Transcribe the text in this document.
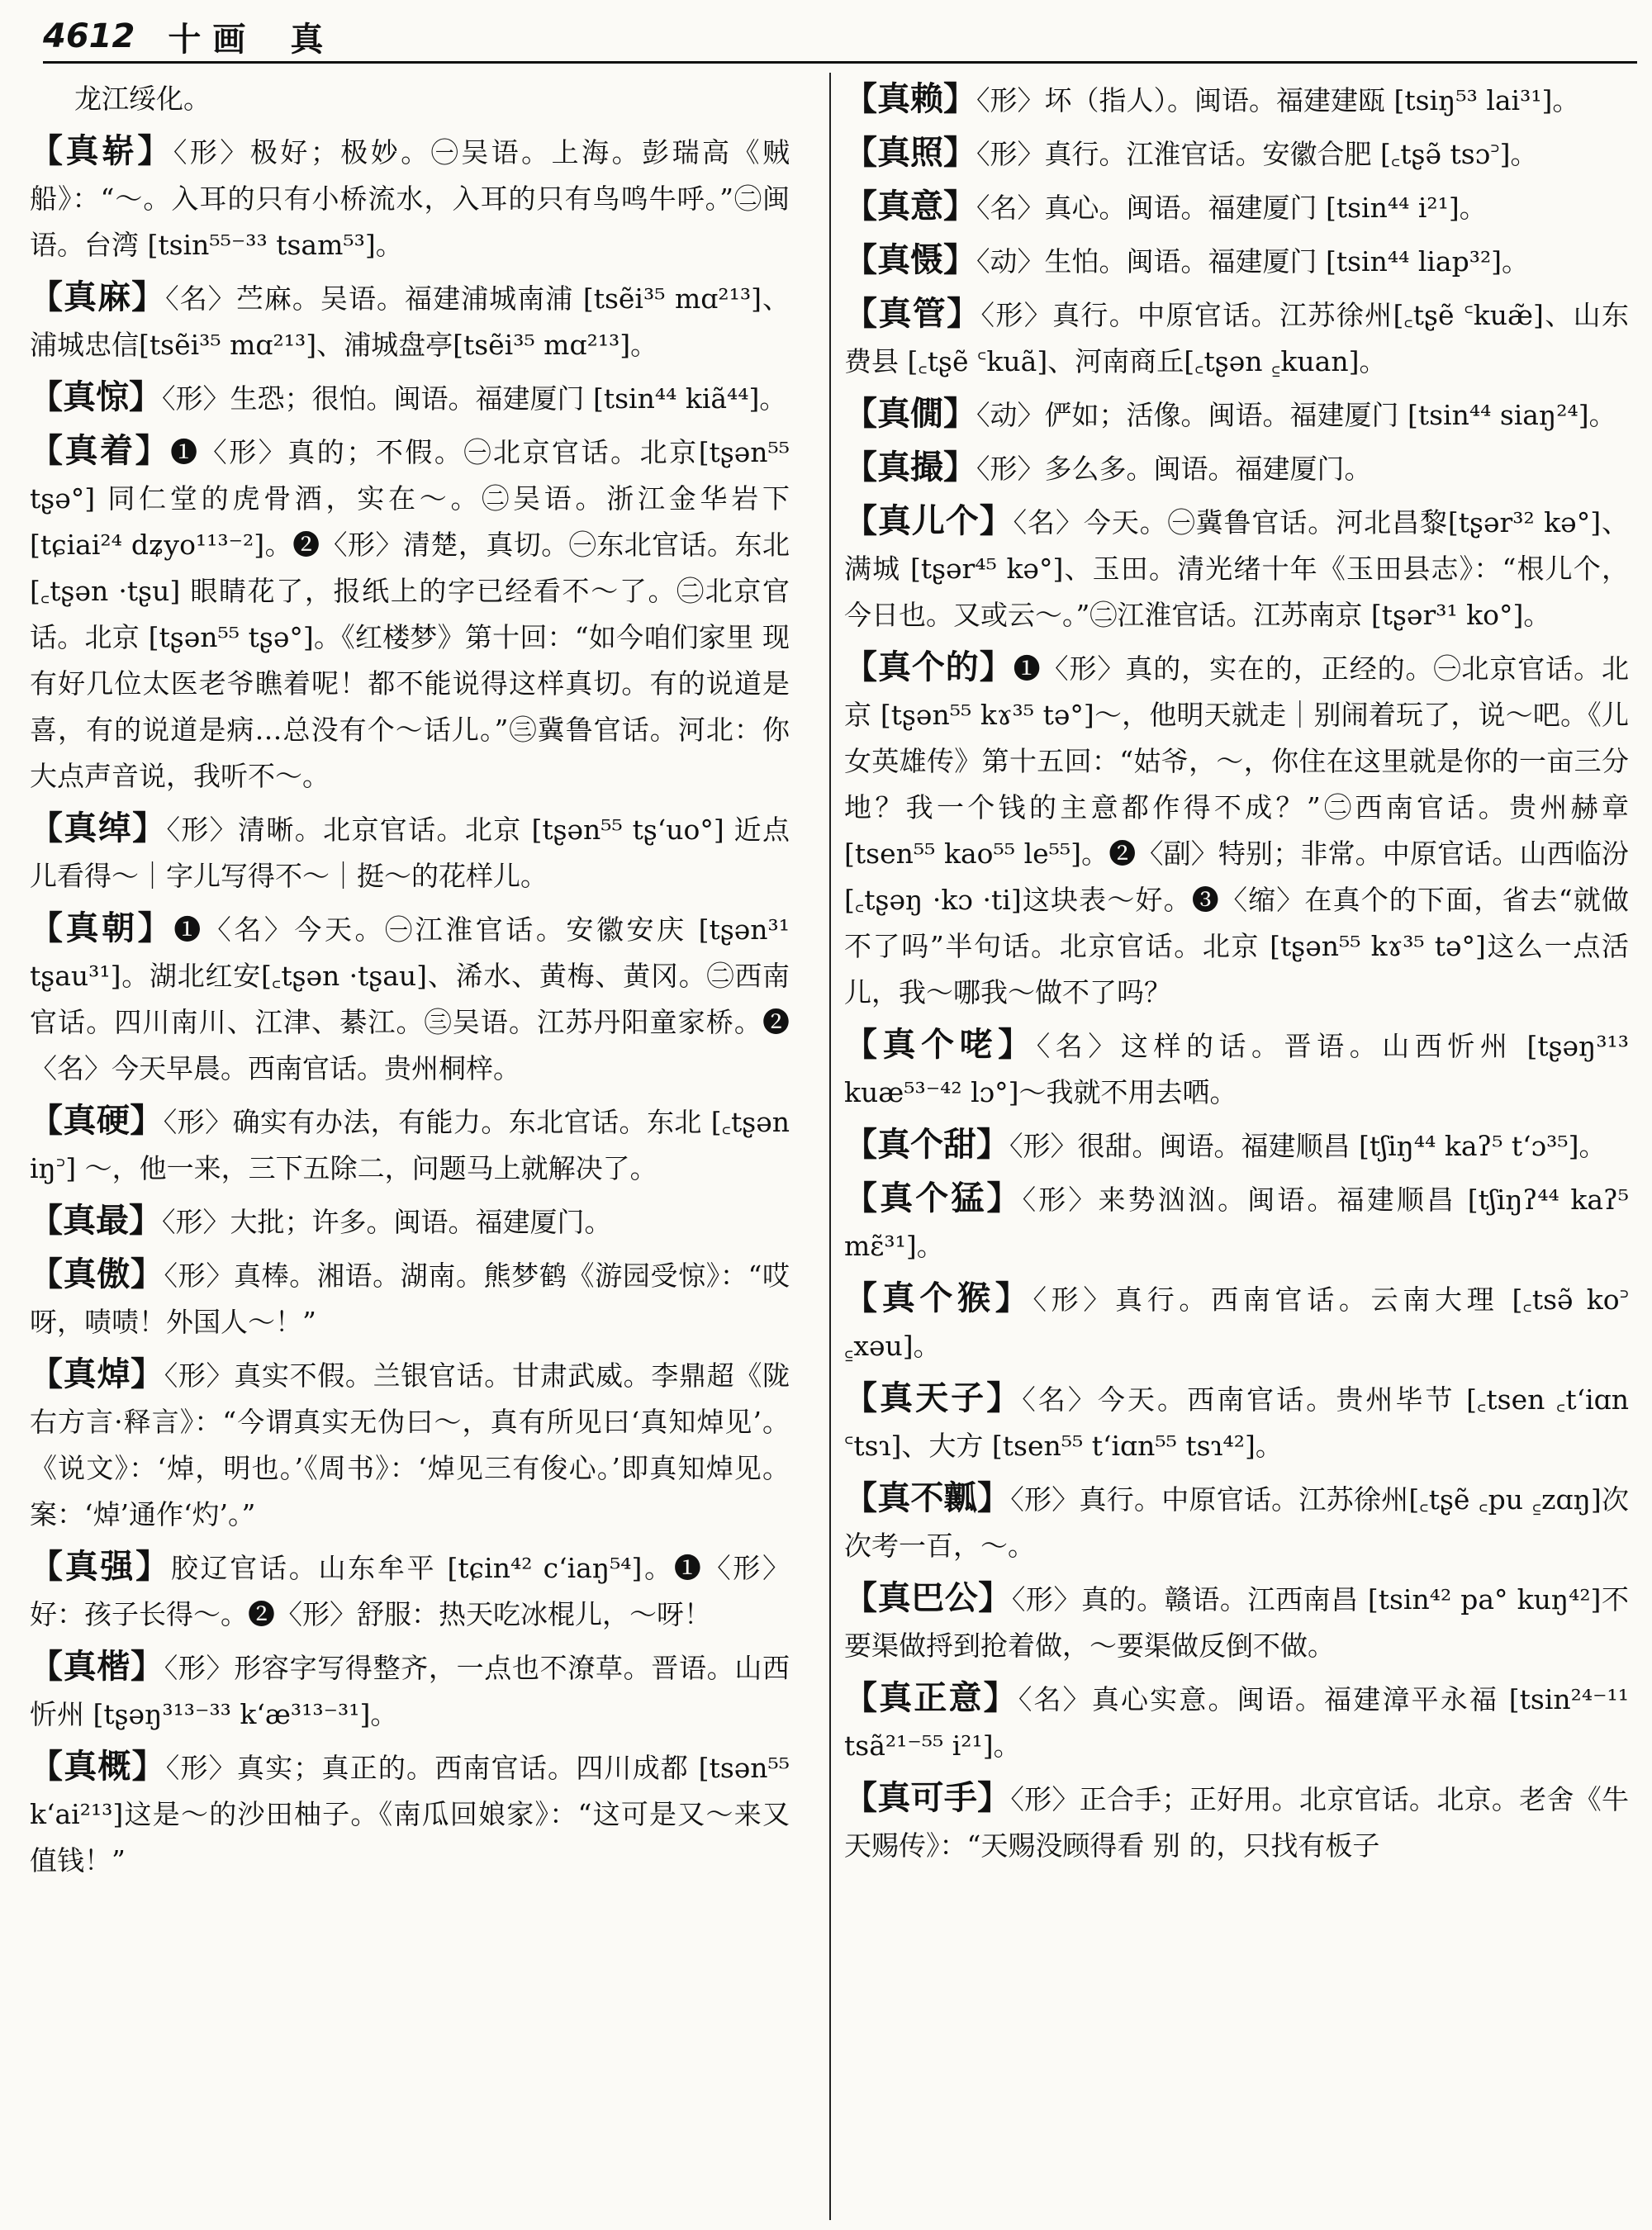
4612 十画 真

龙江绥化。

【真崭】〈形〉极好；极妙。㊀吴语。上海。彭瑞高《贼船》：“～。入耳的只有小桥流水，入耳的只有鸟鸣牛呼。”㊁闽语。台湾 [tsin⁵⁵⁻³³ tsam⁵³]。

【真麻】〈名〉苎麻。吴语。福建浦城南浦 [tsẽi³⁵ mɑ²¹³]、浦城忠信[tsẽi³⁵ mɑ²¹³]、浦城盘亭[tsẽi³⁵ mɑ²¹³]。

【真惊】〈形〉生恐；很怕。闽语。福建厦门 [tsin⁴⁴ kiã⁴⁴]。

【真着】❶〈形〉真的；不假。㊀北京官话。北京[tʂən⁵⁵ tʂə°] 同仁堂的虎骨酒，实在～。㊁吴语。浙江金华岩下 [tɕiai²⁴ dʑyo¹¹³⁻²]。❷〈形〉清楚，真切。㊀东北官话。东北[꜀tʂən ·tʂu] 眼睛花了，报纸上的字已经看不～了。㊁北京官话。北京 [tʂən⁵⁵ tʂə°]。《红楼梦》第十回：“如今咱们家里 现有好几位太医老爷瞧着呢！都不能说得这样真切。有的说道是喜，有的说道是病…总没有个～话儿。”㊂冀鲁官话。河北：你大点声音说，我听不～。

【真绰】〈形〉清晰。北京官话。北京 [tʂən⁵⁵ tʂ‘uo°] 近点儿看得～｜字儿写得不～｜挺～的花样儿。

【真朝】❶〈名〉今天。㊀江淮官话。安徽安庆 [tʂən³¹ tʂau³¹]。湖北红安[꜀tʂən ·tʂau]、浠水、黄梅、黄冈。㊁西南官话。四川南川、江津、綦江。㊂吴语。江苏丹阳童家桥。❷〈名〉今天早晨。西南官话。贵州桐梓。

【真硬】〈形〉确实有办法，有能力。东北官话。东北 [꜀tʂən iŋ꜄] ～，他一来，三下五除二，问题马上就解决了。

【真最】〈形〉大批；许多。闽语。福建厦门。

【真傲】〈形〉真棒。湘语。湖南。熊梦鹤《游园受惊》：“哎呀，啧啧！外国人～！”

【真焯】〈形〉真实不假。兰银官话。甘肃武威。李鼎超《陇右方言·释言》：“今谓真实无伪曰～，真有所见曰‘真知焯见’。《说文》：‘焯，明也。’《周书》：‘焯见三有俊心。’即真知焯见。案：‘焯’通作‘灼’。”

【真强】胶辽官话。山东牟平 [tɕin⁴² c‘iaŋ⁵⁴]。❶〈形〉好：孩子长得～。❷〈形〉舒服：热天吃冰棍儿，～呀！

【真楷】〈形〉形容字写得整齐，一点也不潦草。晋语。山西忻州 [tʂəŋ³¹³⁻³³ k‘æ³¹³⁻³¹]。

【真概】〈形〉真实；真正的。西南官话。四川成都 [tsən⁵⁵ k‘ai²¹³]这是～的沙田柚子。《南瓜回娘家》：“这可是又～来又值钱！”

【真赖】〈形〉坏（指人）。闽语。福建建瓯 [tsiŋ⁵³ lai³¹]。

【真照】〈形〉真行。江淮官话。安徽合肥 [꜀tʂə̃ tsɔ꜄]。

【真意】〈名〉真心。闽语。福建厦门 [tsin⁴⁴ i²¹]。

【真慑】〈动〉生怕。闽语。福建厦门 [tsin⁴⁴ liap³²]。

【真管】〈形〉真行。中原官话。江苏徐州[꜀tʂẽ ꜂kuæ̃]、山东费县 [꜀tʂẽ ꜂kuã]、河南商丘[꜀tʂən ꜁kuan]。

【真僩】〈动〉俨如；活像。闽语。福建厦门 [tsin⁴⁴ siaŋ²⁴]。

【真撮】〈形〉多么多。闽语。福建厦门。

【真儿个】〈名〉今天。㊀冀鲁官话。河北昌黎[tʂər³² kə°]、满城 [tʂər⁴⁵ kə°]、玉田。清光绪十年《玉田县志》：“根儿个，今日也。又或云～。”㊁江淮官话。江苏南京 [tʂər³¹ ko°]。

【真个的】❶〈形〉真的，实在的，正经的。㊀北京官话。北京 [tʂən⁵⁵ kɤ³⁵ tə°]～，他明天就走｜别闹着玩了，说～吧。《儿女英雄传》第十五回：“姑爷，～，你住在这里就是你的一亩三分地？我一个钱的主意都作得不成？”㊁西南官话。贵州赫章 [tsen⁵⁵ kao⁵⁵ le⁵⁵]。❷〈副〉特别；非常。中原官话。山西临汾[꜀tʂəŋ ·kɔ ·ti]这块表～好。❸〈缩〉在真个的下面，省去“就做不了吗”半句话。北京官话。北京 [tʂən⁵⁵ kɤ³⁵ tə°]这么一点活儿，我～哪我～做不了吗？

【真个咾】〈名〉这样的话。晋语。山西忻州 [tʂəŋ³¹³ kuæ⁵³⁻⁴² lɔ°]～我就不用去哂。

【真个甜】〈形〉很甜。闽语。福建顺昌 [tʃiŋ⁴⁴ kaʔ⁵ t‘ɔ³⁵]。

【真个猛】〈形〉来势汹汹。闽语。福建顺昌 [tʃiŋʔ⁴⁴ kaʔ⁵ mɛ̃³¹]。

【真个猴】〈形〉真行。西南官话。云南大理 [꜀tsə̃ ko꜄ ꜁xəu]。

【真天子】〈名〉今天。西南官话。贵州毕节 [꜀tsen ꜀t‘iɑn ꜂tsɿ]、大方 [tsen⁵⁵ t‘iɑn⁵⁵ tsɿ⁴²]。

【真不瓤】〈形〉真行。中原官话。江苏徐州[꜀tʂẽ ꜀pu ꜁zɑŋ]次次考一百，～。

【真巴公】〈形〉真的。赣语。江西南昌 [tsin⁴² pa° kuŋ⁴²]不要渠做捋到抢着做，～要渠做反倒不做。

【真正意】〈名〉真心实意。闽语。福建漳平永福 [tsin²⁴⁻¹¹ tsã²¹⁻⁵⁵ i²¹]。

【真可手】〈形〉正合手；正好用。北京官话。北京。老舍《牛天赐传》：“天赐没顾得看 别 的，只找有板子
